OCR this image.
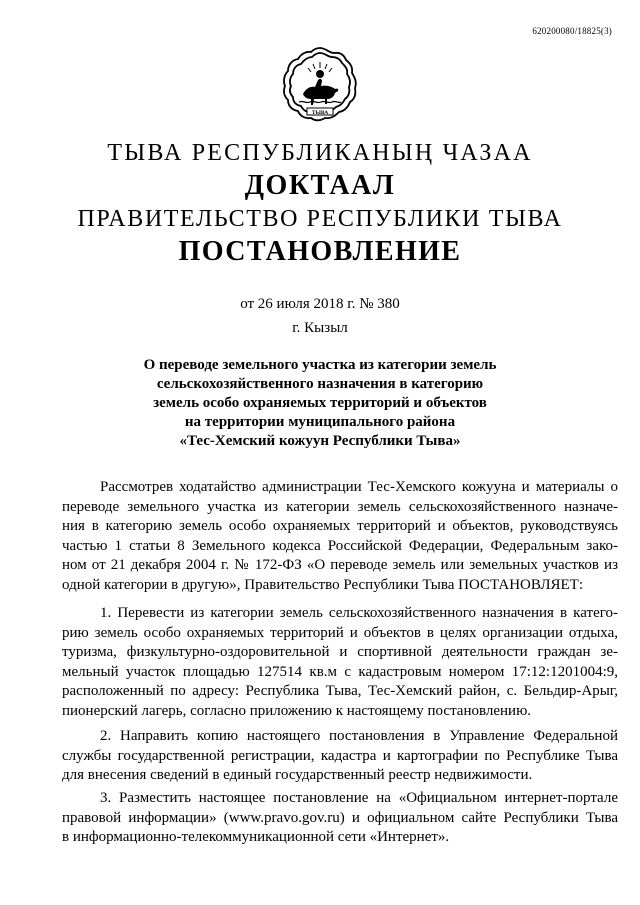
620200080/18825(3)
ТЫВА
ТЫВА РЕСПУБЛИКАНЫҢ ЧАЗАА
ДОКТААЛ
ПРАВИТЕЛЬСТВО РЕСПУБЛИКИ ТЫВА
ПОСТАНОВЛЕНИЕ
от 26 июля 2018 г. № 380
г. Кызыл
О переводе земельного участка из категории земель
сельскохозяйственного назначения в категорию
земель особо охраняемых территорий и объектов
на территории муниципального района
«Тес-Хемский кожуун Республики Тыва»
Рассмотрев ходатайство администрации Тес-Хемского кожууна и материалы о
переводе земельного участка из категории земель сельскохозяйственного назначе-
ния в категорию земель особо охраняемых территорий и объектов, руководствуясь
частью 1 статьи 8 Земельного кодекса Российской Федерации, Федеральным зако-
ном от 21 декабря 2004 г. № 172-ФЗ «О переводе земель или земельных участков из
одной категории в другую», Правительство Республики Тыва ПОСТАНОВЛЯЕТ:
1. Перевести из категории земель сельскохозяйственного назначения в катего-
рию земель особо охраняемых территорий и объектов в целях организации отдыха,
туризма, физкультурно-оздоровительной и спортивной деятельности граждан зе-
мельный участок площадью 127514 кв.м с кадастровым номером 17:12:1201004:9,
расположенный по адресу: Республика Тыва, Тес-Хемский район, с. Бельдир-Арыг,
пионерский лагерь, согласно приложению к настоящему постановлению.
2. Направить копию настоящего постановления в Управление Федеральной
службы государственной регистрации, кадастра и картографии по Республике Тыва
для внесения сведений в единый государственный реестр недвижимости.
3. Разместить настоящее постановление на «Официальном интернет-портале
правовой информации» (www.pravo.gov.ru) и официальном сайте Республики Тыва
в информационно-телекоммуникационной сети «Интернет».
